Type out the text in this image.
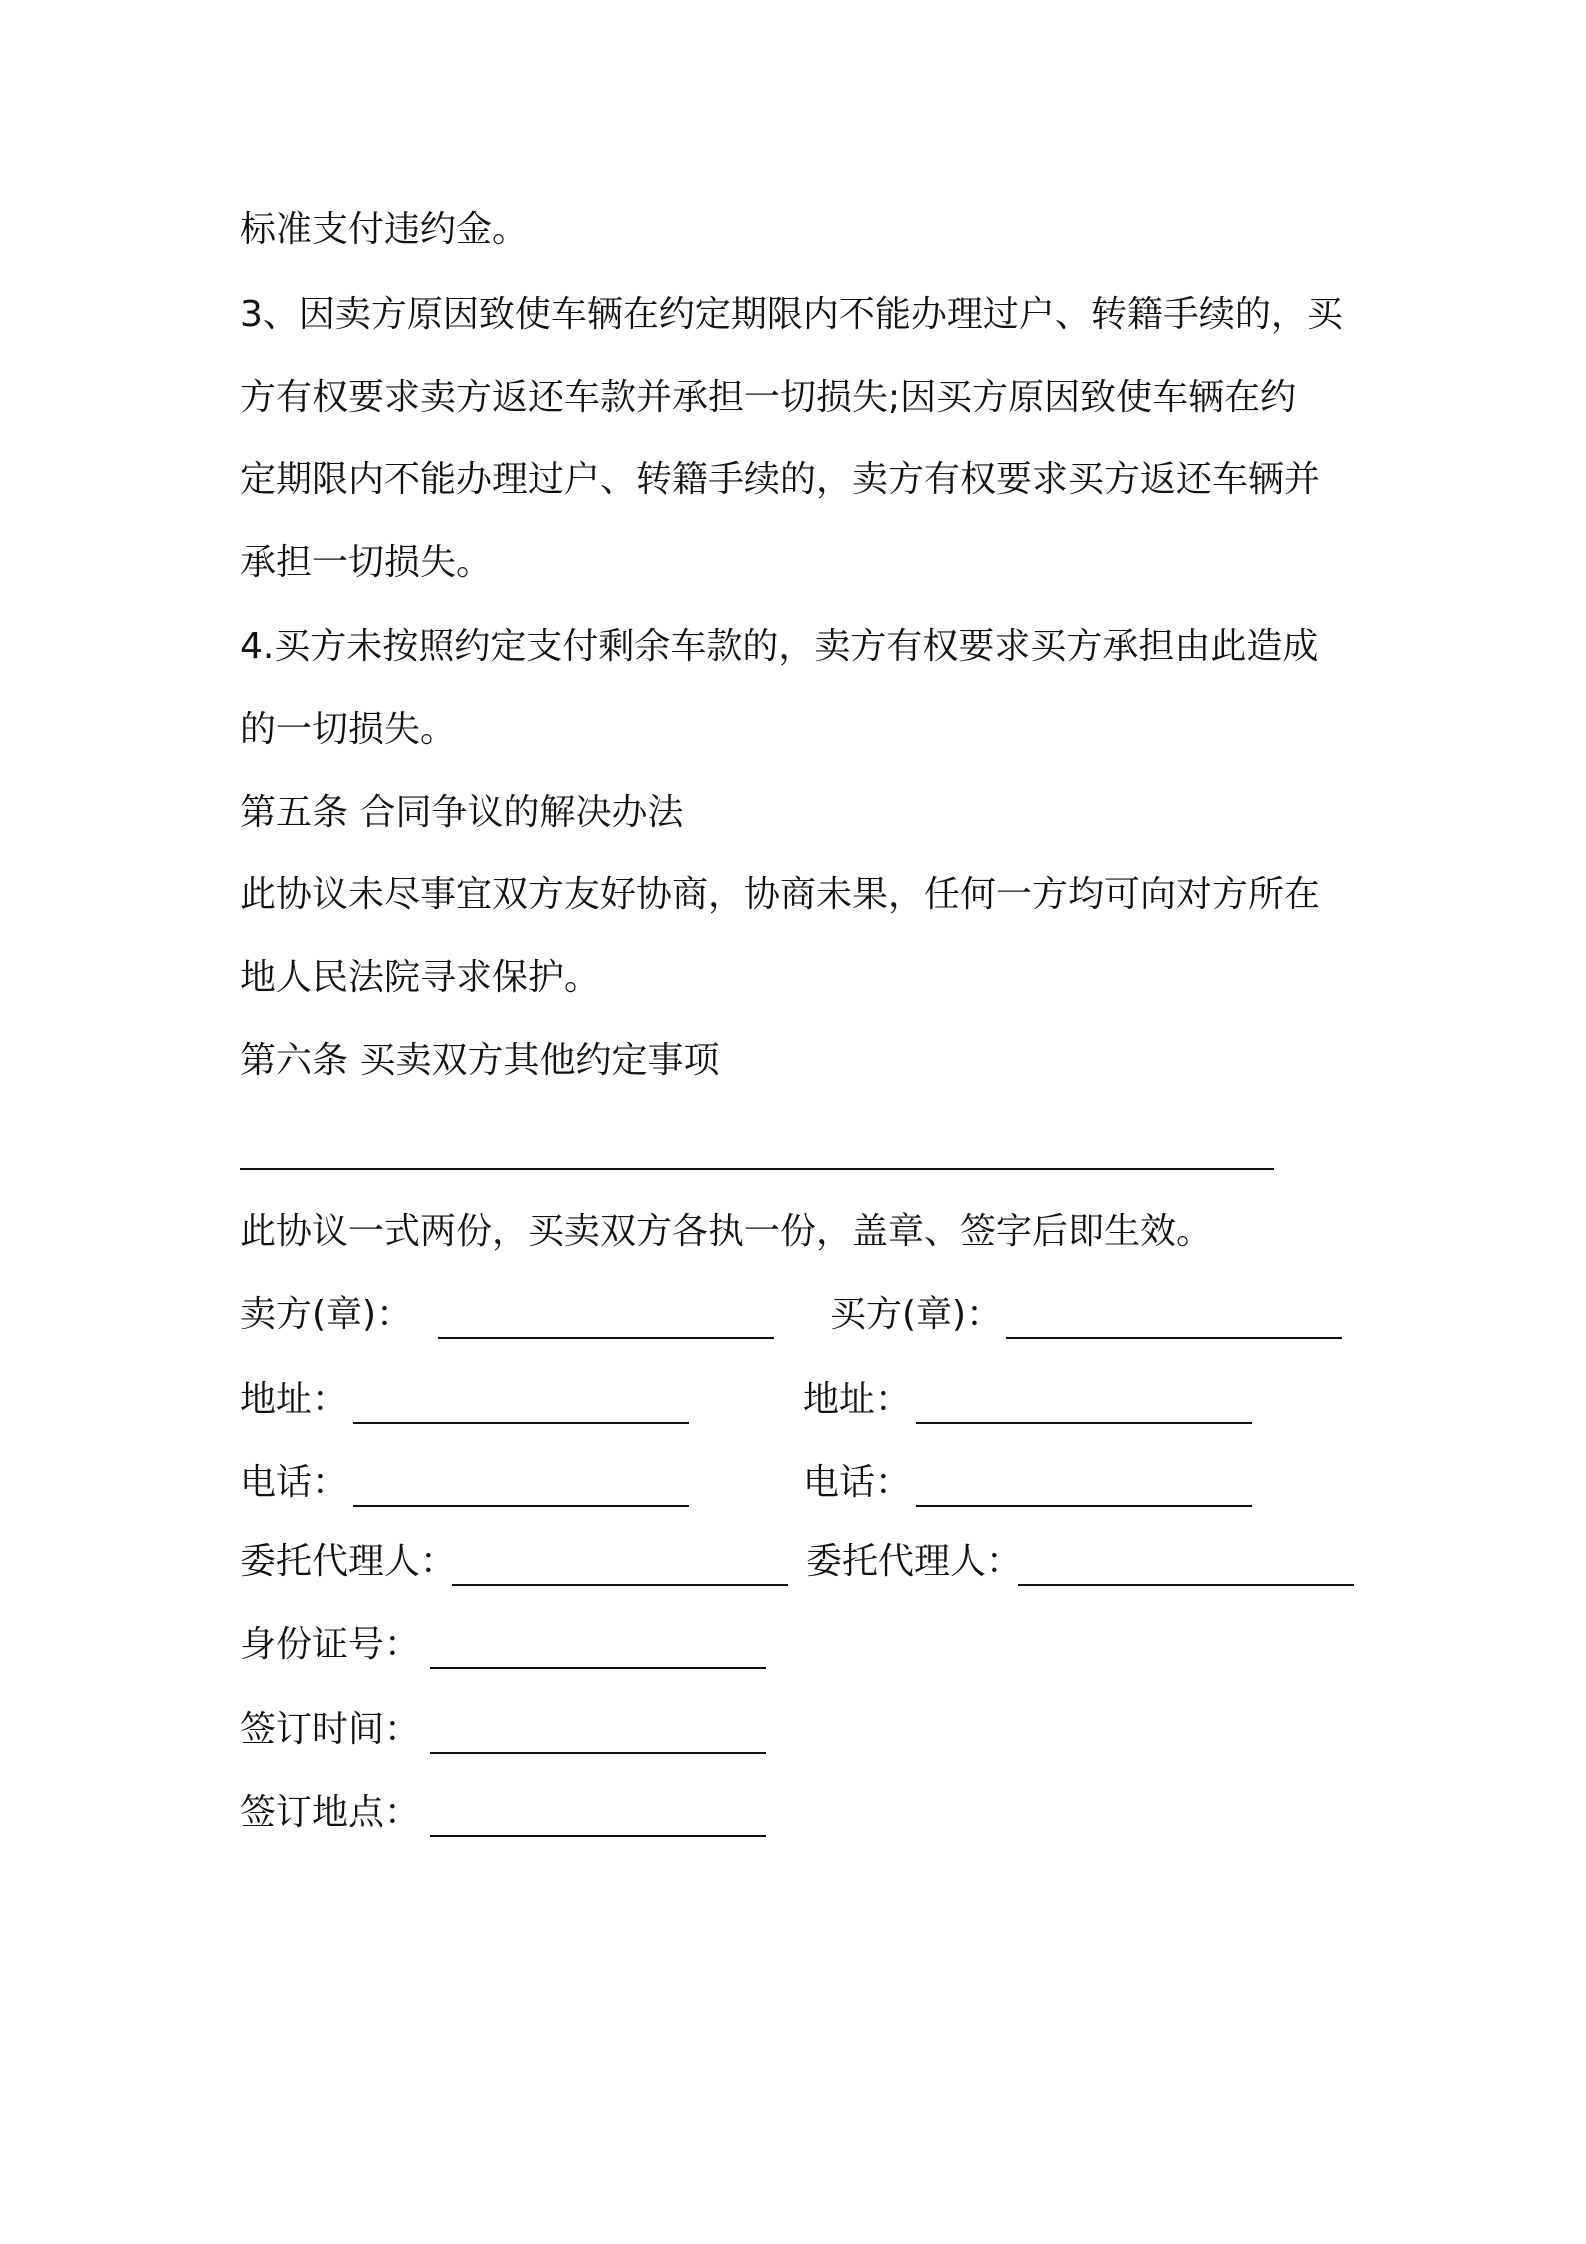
标准支付违约金。
3、因卖方原因致使车辆在约定期限内不能办理过户、转籍手续的，买
方有权要求卖方返还车款并承担一切损失;因买方原因致使车辆在约
定期限内不能办理过户、转籍手续的，卖方有权要求买方返还车辆并
承担一切损失。
4.买方未按照约定支付剩余车款的，卖方有权要求买方承担由此造成
的一切损失。
第五条 合同争议的解决办法
此协议未尽事宜双方友好协商，协商未果，任何一方均可向对方所在
地人民法院寻求保护。
第六条 买卖双方其他约定事项
此协议一式两份，买卖双方各执一份，盖章、签字后即生效。
卖方(章)：	买方(章)：
地址：	地址：
电话：	电话：
委托代理人：	委托代理人：
身份证号：
签订时间：
签订地点：
